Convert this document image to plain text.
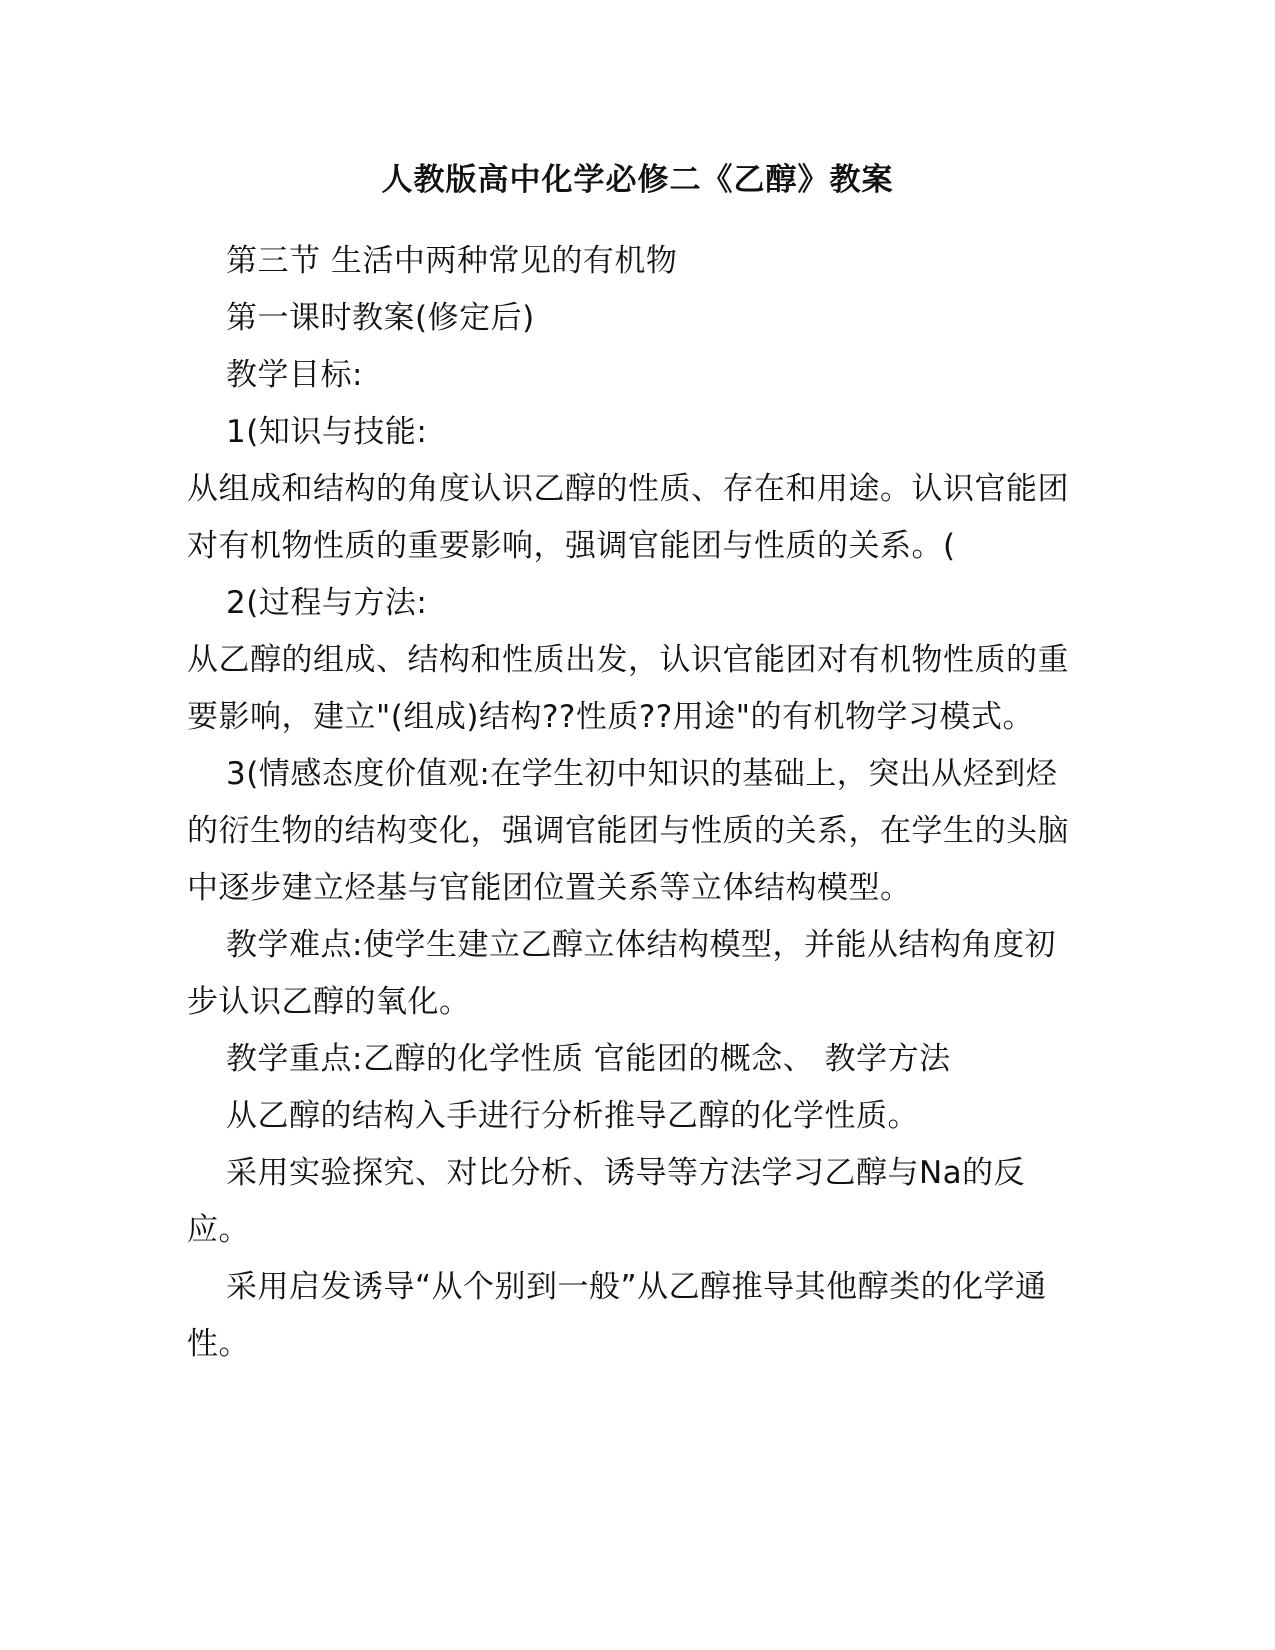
人教版高中化学必修二《乙醇》教案

第三节 生活中两种常见的有机物

第一课时教案(修定后)

教学目标:

1(知识与技能:

从组成和结构的角度认识乙醇的性质、存在和用途。认识官能团对有机物性质的重要影响，强调官能团与性质的关系。(

2(过程与方法:

从乙醇的组成、结构和性质出发，认识官能团对有机物性质的重要影响，建立"(组成)结构??性质??用途"的有机物学习模式。

3(情感态度价值观:在学生初中知识的基础上，突出从烃到烃的衍生物的结构变化，强调官能团与性质的关系，在学生的头脑中逐步建立烃基与官能团位置关系等立体结构模型。

教学难点:使学生建立乙醇立体结构模型，并能从结构角度初步认识乙醇的氧化。

教学重点:乙醇的化学性质 官能团的概念、 教学方法

从乙醇的结构入手进行分析推导乙醇的化学性质。

采用实验探究、对比分析、诱导等方法学习乙醇与Na的反应。

采用启发诱导“从个别到一般”从乙醇推导其他醇类的化学通性。
